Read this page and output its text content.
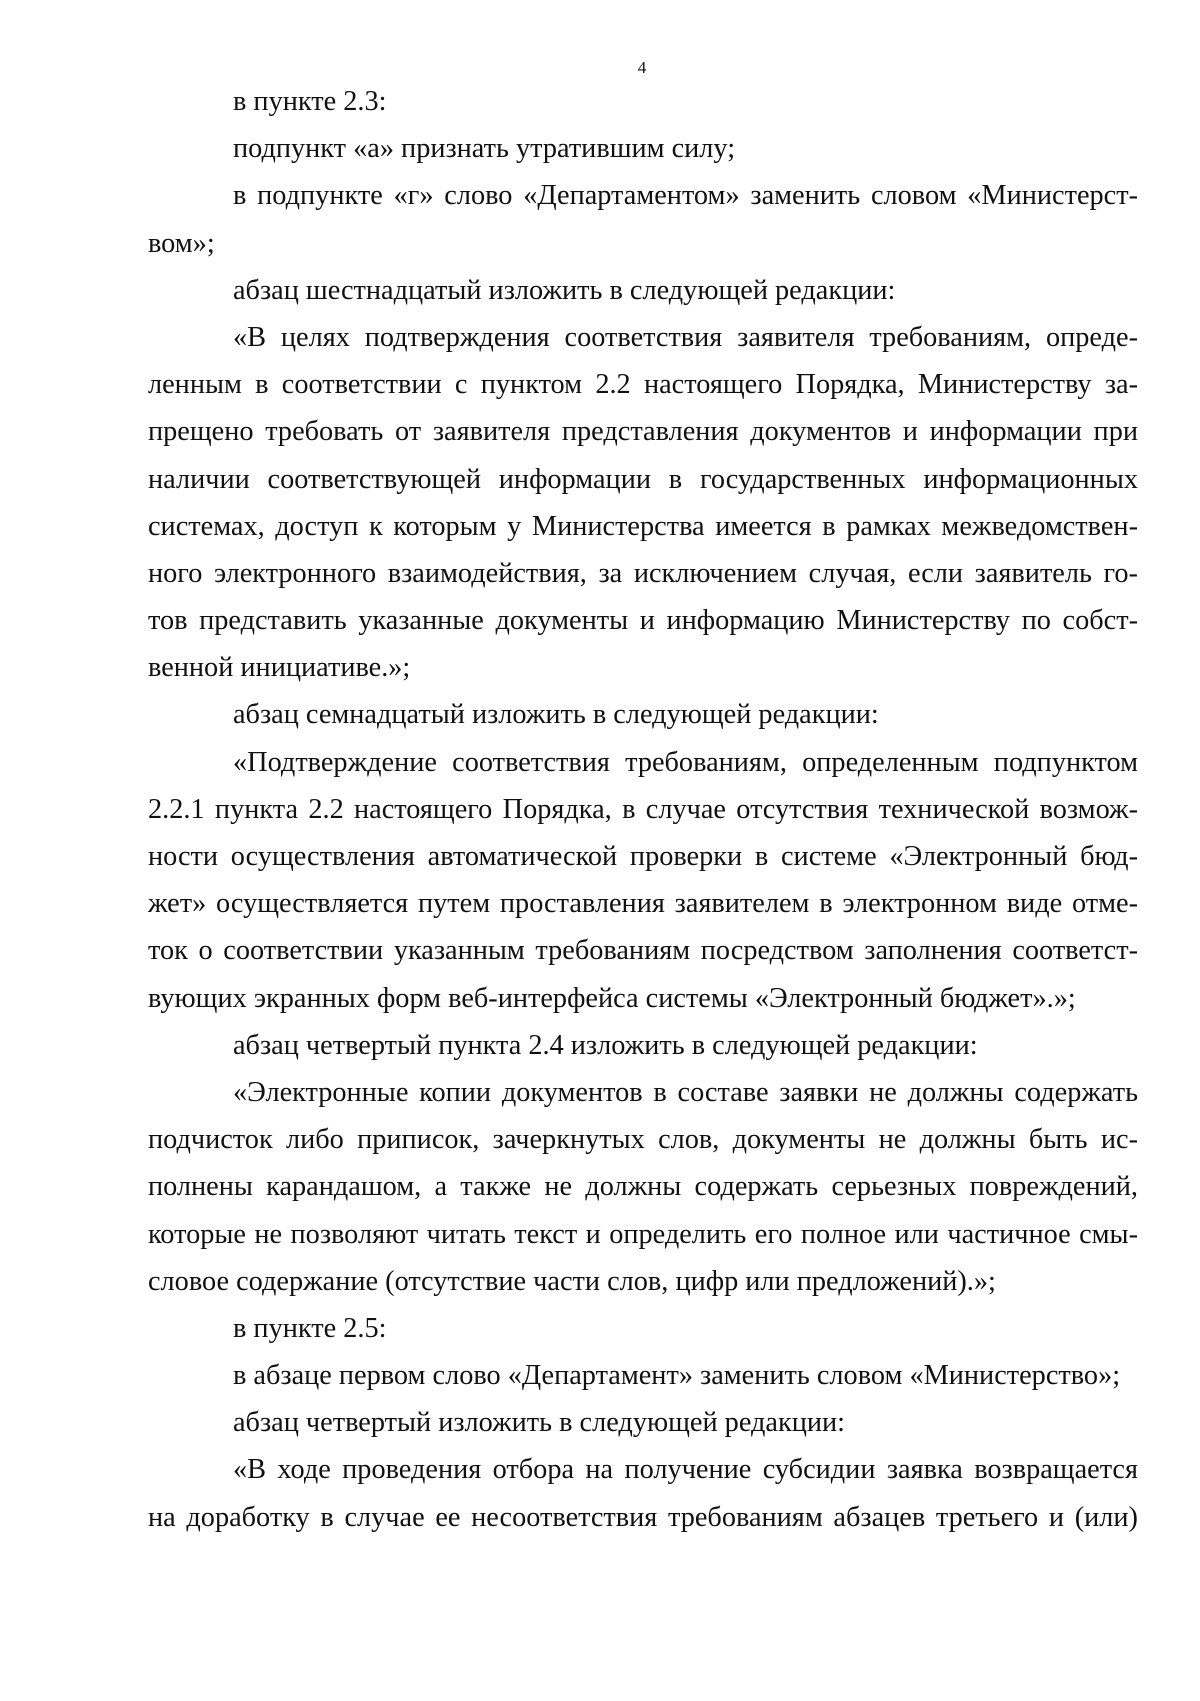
4
в пункте 2.3:
подпункт «а» признать утратившим силу;
в подпункте «г» слово «Департаментом» заменить словом «Министерст-
вом»;
абзац шестнадцатый изложить в следующей редакции:
«В целях подтверждения соответствия заявителя требованиям, опреде-
ленным в соответствии с пунктом 2.2 настоящего Порядка, Министерству за-
прещено требовать от заявителя представления документов и информации при
наличии соответствующей информации в государственных информационных
системах, доступ к которым у Министерства имеется в рамках межведомствен-
ного электронного взаимодействия, за исключением случая, если заявитель го-
тов представить указанные документы и информацию Министерству по собст-
венной инициативе.»;
абзац семнадцатый изложить в следующей редакции:
«Подтверждение соответствия требованиям, определенным подпунктом
2.2.1 пункта 2.2 настоящего Порядка, в случае отсутствия технической возмож-
ности осуществления автоматической проверки в системе «Электронный бюд-
жет» осуществляется путем проставления заявителем в электронном виде отме-
ток о соответствии указанным требованиям посредством заполнения соответст-
вующих экранных форм веб-интерфейса системы «Электронный бюджет».»;
абзац четвертый пункта 2.4 изложить в следующей редакции:
«Электронные копии документов в составе заявки не должны содержать
подчисток либо приписок, зачеркнутых слов, документы не должны быть ис-
полнены карандашом, а также не должны содержать серьезных повреждений,
которые не позволяют читать текст и определить его полное или частичное смы-
словое содержание (отсутствие части слов, цифр или предложений).»;
в пункте 2.5:
в абзаце первом слово «Департамент» заменить словом «Министерство»;
абзац четвертый изложить в следующей редакции:
«В ходе проведения отбора на получение субсидии заявка возвращается
на доработку в случае ее несоответствия требованиям абзацев третьего и (или)
